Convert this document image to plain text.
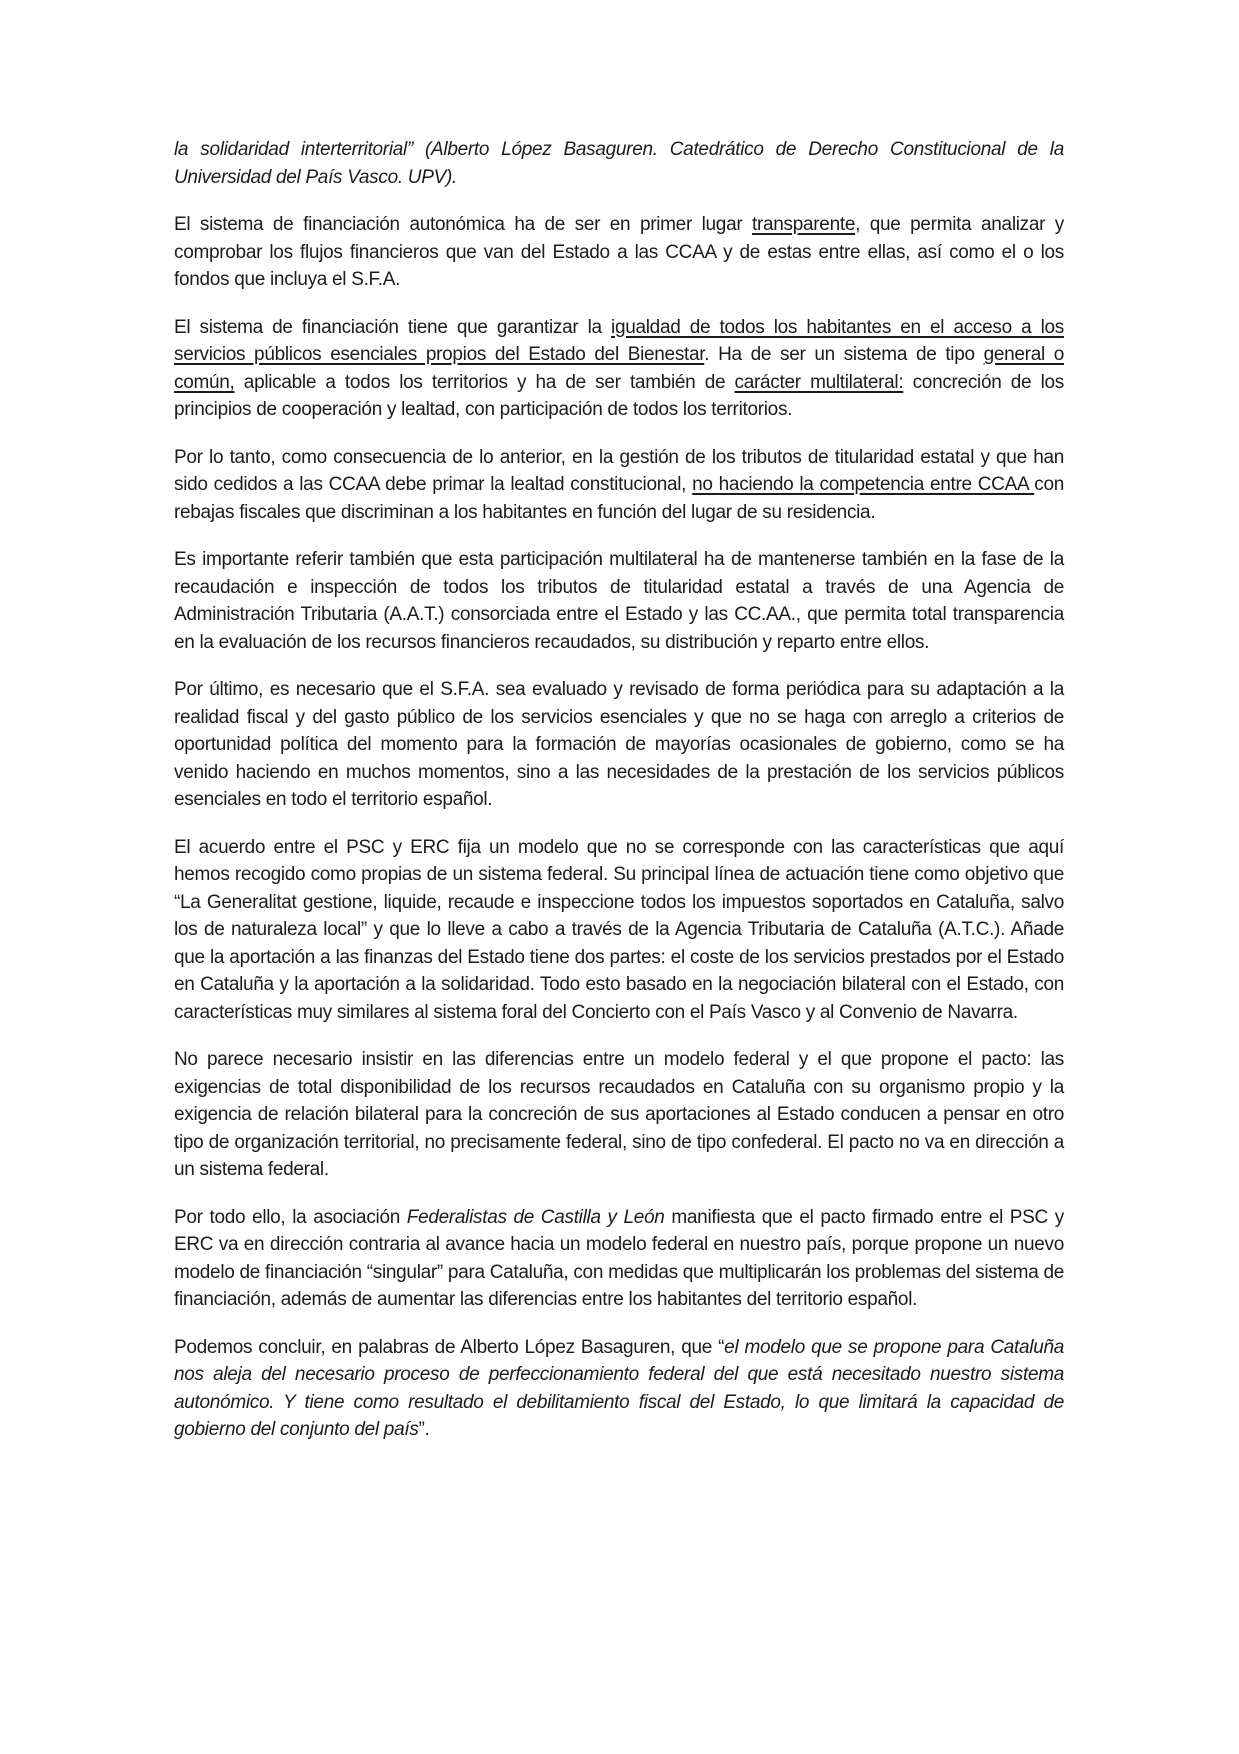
la solidaridad interterritorial” (Alberto López Basaguren. Catedrático de Derecho Constitucional de la Universidad del País Vasco. UPV).

El sistema de financiación autonómica ha de ser en primer lugar transparente, que permita analizar y comprobar los flujos financieros que van del Estado a las CCAA y de estas entre ellas, así como el o los fondos que incluya el S.F.A.

El sistema de financiación tiene que garantizar la igualdad de todos los habitantes en el acceso a los servicios públicos esenciales propios del Estado del Bienestar. Ha de ser un sistema de tipo general o común, aplicable a todos los territorios y ha de ser también de carácter multilateral: concreción de los principios de cooperación y lealtad, con participación de todos los territorios.

Por lo tanto, como consecuencia de lo anterior, en la gestión de los tributos de titularidad estatal y que han sido cedidos a las CCAA debe primar la lealtad constitucional, no haciendo la competencia entre CCAA con rebajas fiscales que discriminan a los habitantes en función del lugar de su residencia.

Es importante referir también que esta participación multilateral ha de mantenerse también en la fase de la recaudación e inspección de todos los tributos de titularidad estatal a través de una Agencia de Administración Tributaria (A.A.T.) consorciada entre el Estado y las CC.AA., que permita total transparencia en la evaluación de los recursos financieros recaudados, su distribución y reparto entre ellos.

Por último, es necesario que el S.F.A. sea evaluado y revisado de forma periódica para su adaptación a la realidad fiscal y del gasto público de los servicios esenciales y que no se haga con arreglo a criterios de oportunidad política del momento para la formación de mayorías ocasionales de gobierno, como se ha venido haciendo en muchos momentos, sino a las necesidades de la prestación de los servicios públicos esenciales en todo el territorio español.

El acuerdo entre el PSC y ERC fija un modelo que no se corresponde con las características que aquí hemos recogido como propias de un sistema federal. Su principal línea de actuación tiene como objetivo que “La Generalitat gestione, liquide, recaude e inspeccione todos los impuestos soportados en Cataluña, salvo los de naturaleza local” y que lo lleve a cabo a través de la Agencia Tributaria de Cataluña (A.T.C.). Añade que la aportación a las finanzas del Estado tiene dos partes: el coste de los servicios prestados por el Estado en Cataluña y la aportación a la solidaridad. Todo esto basado en la negociación bilateral con el Estado, con características muy similares al sistema foral del Concierto con el País Vasco y al Convenio de Navarra.

No parece necesario insistir en las diferencias entre un modelo federal y el que propone el pacto: las exigencias de total disponibilidad de los recursos recaudados en Cataluña con su organismo propio y la exigencia de relación bilateral para la concreción de sus aportaciones al Estado conducen a pensar en otro tipo de organización territorial, no precisamente federal, sino de tipo confederal. El pacto no va en dirección a un sistema federal.

Por todo ello, la asociación Federalistas de Castilla y León manifiesta que el pacto firmado entre el PSC y ERC va en dirección contraria al avance hacia un modelo federal en nuestro país, porque propone un nuevo modelo de financiación “singular” para Cataluña, con medidas que multiplicarán los problemas del sistema de financiación, además de aumentar las diferencias entre los habitantes del territorio español.

Podemos concluir, en palabras de Alberto López Basaguren, que “el modelo que se propone para Cataluña nos aleja del necesario proceso de perfeccionamiento federal del que está necesitado nuestro sistema autonómico. Y tiene como resultado el debilitamiento fiscal del Estado, lo que limitará la capacidad de gobierno del conjunto del país”.
